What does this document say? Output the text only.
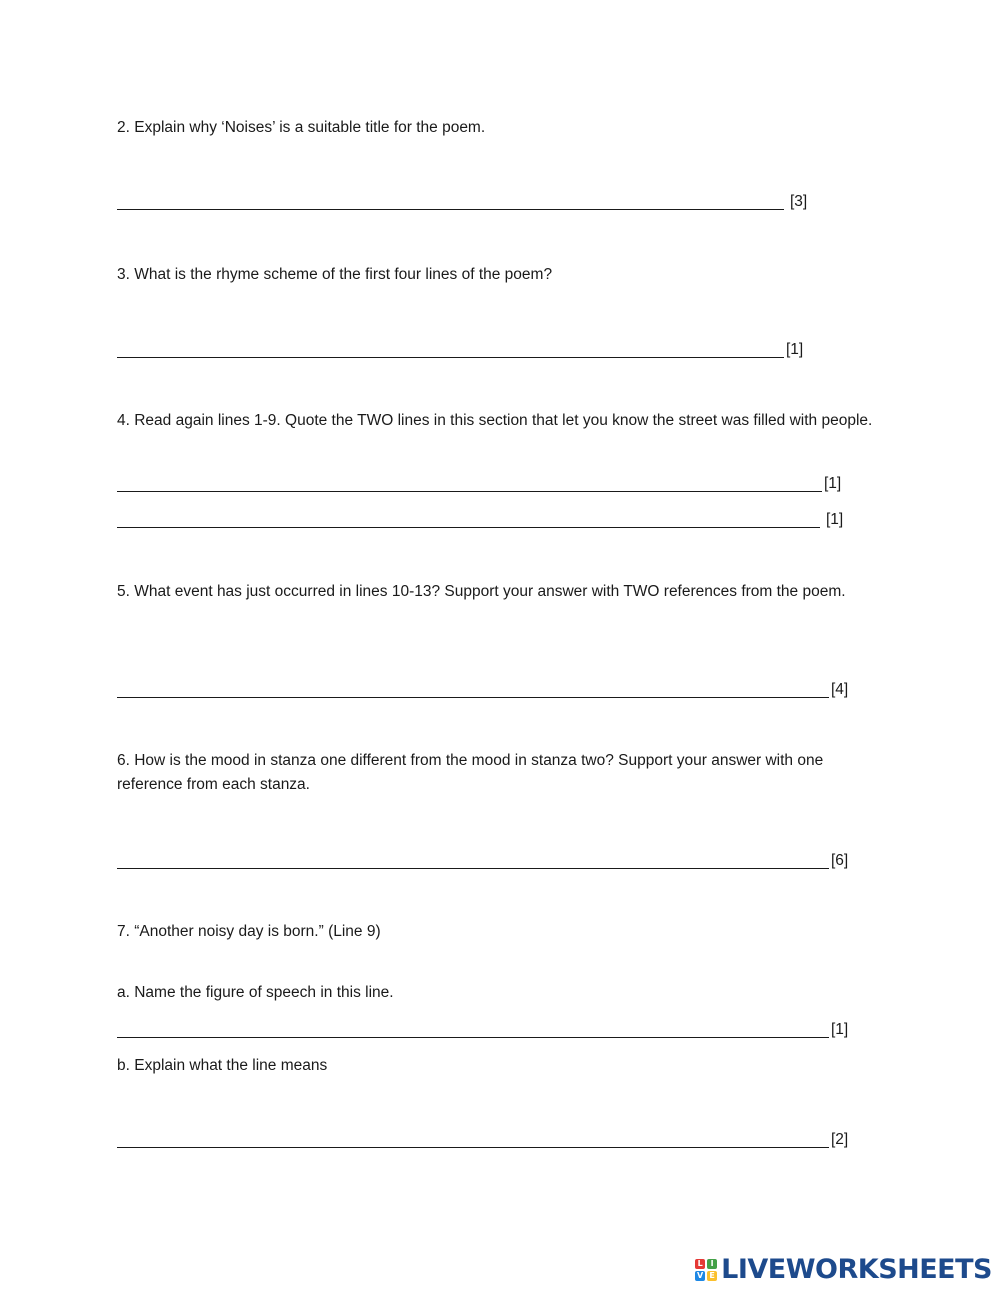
2. Explain why ‘Noises’ is a suitable title for the poem.
[3]
3. What is the rhyme scheme of the first four lines of the poem?
[1]
4. Read again lines 1-9. Quote the TWO lines in this section that let you know the street was filled with people.
[1]
[1]
5. What event has just occurred in lines 10-13? Support your answer with TWO references from the poem.
[4]
6. How is the mood in stanza one different from the mood in stanza two? Support your answer with one reference from each stanza.
[6]
7. “Another noisy day is born.” (Line 9)
a. Name the figure of speech in this line.
[1]
b. Explain what the line means
[2]
L I
V E LIVEWORKSHEETS
